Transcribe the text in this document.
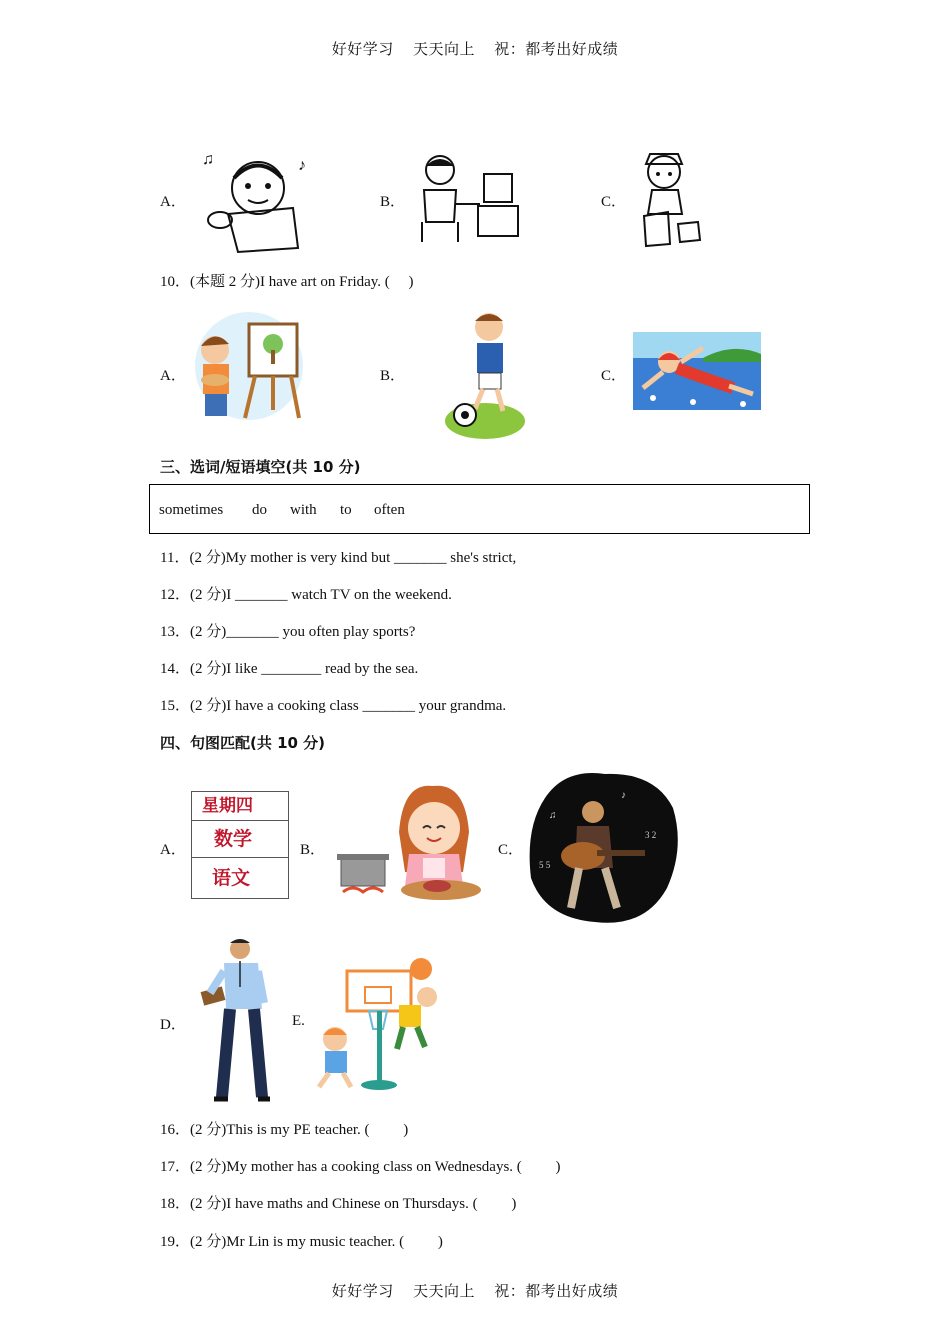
好好学习 天天向上 祝：都考出好成绩
A．
♫	♪
B．	C．
10．(本题 2 分)I have art on Friday. (　 )
A．	B．	C．
三、选词/短语填空(共 10 分)
sometimes do with to often
11．(2 分)My mother is very kind but _______ she's strict,
12．(2 分)I _______ watch TV on the weekend.
13．(2 分)_______ you often play sports?
14．(2 分)I like ________ read by the sea.
15．(2 分)I have a cooking class _______ your grandma.
四、句图匹配(共 10 分)
A．
星期四
数学
语文
B．	C．
♪
♫
3 2
5 5
D．	E.
16．(2 分)This is my PE teacher. (　　 )
17．(2 分)My mother has a cooking class on Wednesdays. (　　 )
18．(2 分)I have maths and Chinese on Thursdays. (　　 )
19．(2 分)Mr Lin is my music teacher. (　　 )
好好学习 天天向上 祝：都考出好成绩
